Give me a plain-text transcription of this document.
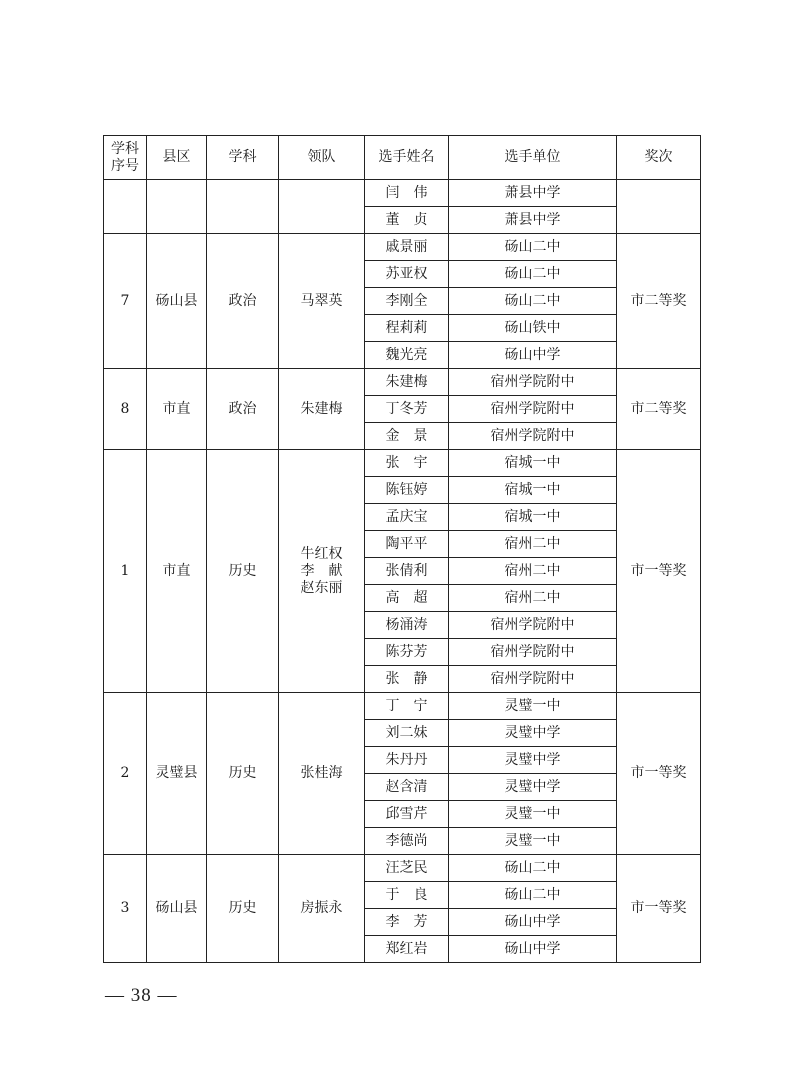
学科
序号	县区	学科	领队	选手姓名	选手单位	奖次
				闫　伟	萧县中学	
				董　贞	萧县中学	
7	砀山县	政治	马翠英	戚景丽	砀山二中	市二等奖
				苏亚权	砀山二中	
				李刚全	砀山二中	
				程莉莉	砀山铁中	
				魏光亮	砀山中学	
8	市直	政治	朱建梅	朱建梅	宿州学院附中	市二等奖
				丁冬芳	宿州学院附中	
				金　景	宿州学院附中	
1	市直	历史	牛红权
李　献
赵东丽	张　宇	宿城一中	市一等奖
				陈钰婷	宿城一中	
				孟庆宝	宿城一中	
				陶平平	宿州二中	
				张倩利	宿州二中	
				高　超	宿州二中	
				杨涌涛	宿州学院附中	
				陈芬芳	宿州学院附中	
				张　静	宿州学院附中	
2	灵璧县	历史	张桂海	丁　宁	灵璧一中	市一等奖
				刘二妹	灵璧中学	
				朱丹丹	灵璧中学	
				赵含清	灵璧中学	
				邱雪芹	灵璧一中	
				李德尚	灵璧一中	
3	砀山县	历史	房振永	汪芝民	砀山二中	市一等奖
				于　良	砀山二中	
				李　芳	砀山中学	
				郑红岩	砀山中学	
— 38 —
